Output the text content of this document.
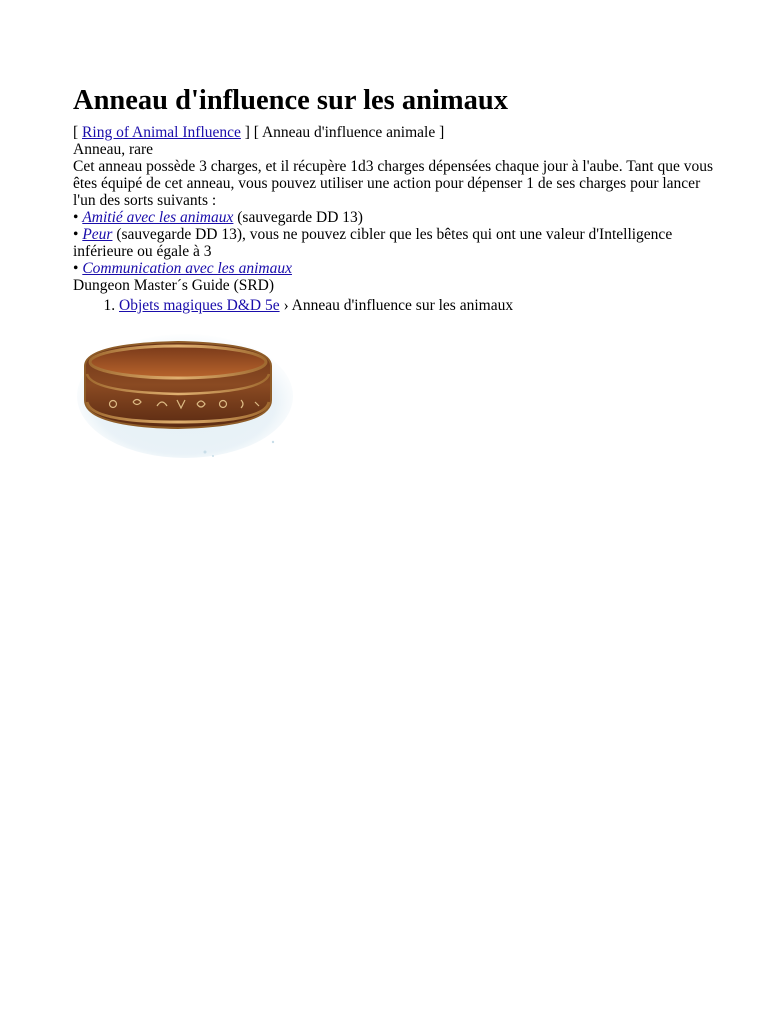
Anneau d'influence sur les animaux
[ Ring of Animal Influence ] [ Anneau d'influence animale ]

Anneau, rare

Cet anneau possède 3 charges, et il récupère 1d3 charges dépensées chaque jour à l'aube. Tant que vous êtes équipé de cet anneau, vous pouvez utiliser une action pour dépenser 1 de ses charges pour lancer l'un des sorts suivants :

• Amitié avec les animaux (sauvegarde DD 13)
• Peur (sauvegarde DD 13), vous ne pouvez cibler que les bêtes qui ont une valeur d'Intelligence inférieure ou égale à 3
• Communication avec les animaux

Dungeon Master´s Guide (SRD)

1. Objets magiques D&D 5e › Anneau d'influence sur les animaux
